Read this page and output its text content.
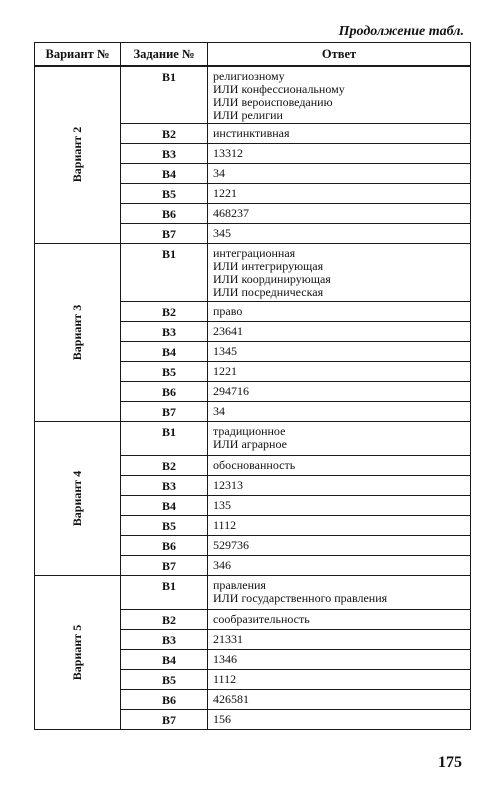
Продолжение табл.
Вариант №	Задание №	Ответ
Вариант 2	B1	религиозному
ИЛИ конфессиональному
ИЛИ вероисповеданию
ИЛИ религии

	B2	инстинктивная

	B3	13312

	B4	34

	B5	1221

	B6	468237

	B7	345

Вариант 3	B1	интеграционная
ИЛИ интегрирующая
ИЛИ координирующая
ИЛИ посредническая

	B2	право

	B3	23641

	B4	1345

	B5	1221

	B6	294716

	B7	34

Вариант 4	B1	традиционное
ИЛИ аграрное

	B2	обоснованность

	B3	12313

	B4	135

	B5	1112

	B6	529736

	B7	346

Вариант 5	B1	правления
ИЛИ государственного правления

	B2	сообразительность

	B3	21331

	B4	1346

	B5	1112

	B6	426581

	B7	156
175
